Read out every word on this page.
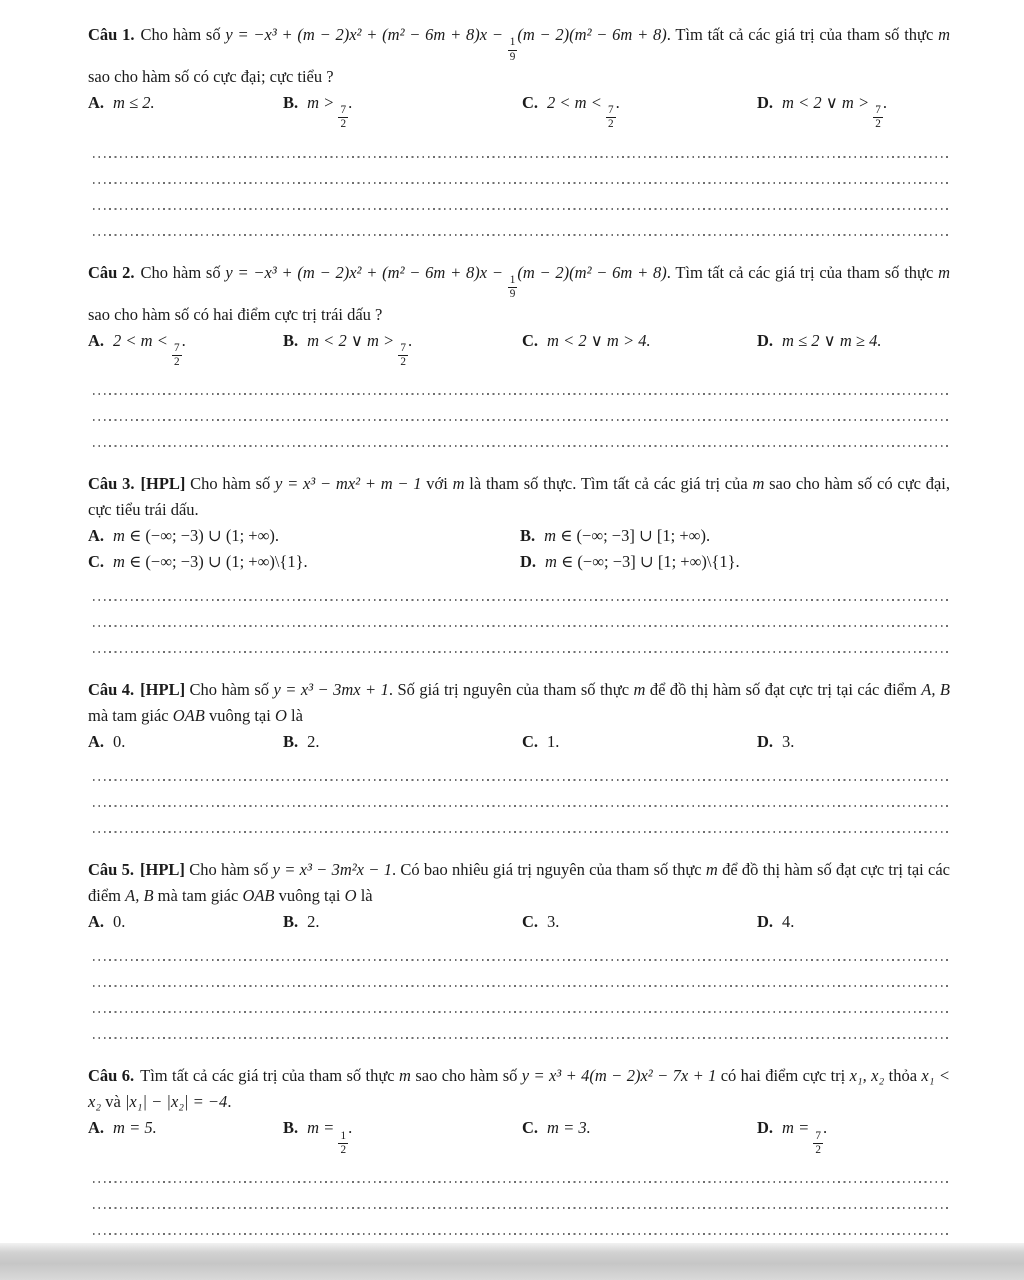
Câu 1. Cho hàm số y = −x³ + (m − 2)x² + (m² − 6m + 8)x −
$\frac{1}{9}$
(m − 2)(m² − 6m + 8). Tìm tất cả các giá trị của tham số thực m sao cho hàm số có cực đại; cực tiểu ?

A. m ≤ 2.	B. m >
$\frac{7}{2}$
.	C. 2 < m <
$\frac{7}{2}$
.	D. m < 2 ∨ m >
$\frac{7}{2}$
.

Câu 2. Cho hàm số y = −x³ + (m − 2)x² + (m² − 6m + 8)x −
$\frac{1}{9}$
(m − 2)(m² − 6m + 8). Tìm tất cả các giá trị của tham số thực m sao cho hàm số có hai điểm cực trị trái dấu ?

A. 2 < m <
$\frac{7}{2}$
.	B. m < 2 ∨ m >
$\frac{7}{2}$
.	C. m < 2 ∨ m > 4.	D. m ≤ 2 ∨ m ≥ 4.

Câu 3. [HPL] Cho hàm số y = x³ − mx² + m − 1 với m là tham số thực. Tìm tất cả các giá trị của m sao cho hàm số có cực đại, cực tiểu trái dấu.

A. m ∈ (−∞; −3) ∪ (1; +∞).	B. m ∈ (−∞; −3] ∪ [1; +∞).
C. m ∈ (−∞; −3) ∪ (1; +∞)\{1}.	D. m ∈ (−∞; −3] ∪ [1; +∞)\{1}.

Câu 4. [HPL] Cho hàm số y = x³ − 3mx + 1. Số giá trị nguyên của tham số thực m để đồ thị hàm số đạt cực trị tại các điểm A, B mà tam giác OAB vuông tại O là

A. 0.	B. 2.	C. 1.	D. 3.

Câu 5. [HPL] Cho hàm số y = x³ − 3m²x − 1. Có bao nhiêu giá trị nguyên của tham số thực m để đồ thị hàm số đạt cực trị tại các điểm A, B mà tam giác OAB vuông tại O là

A. 0.	B. 2.	C. 3.	D. 4.

Câu 6. Tìm tất cả các giá trị của tham số thực m sao cho hàm số y = x³ + 4(m − 2)x² − 7x + 1 có hai điểm cực trị x₁, x₂ thỏa x₁ < x₂ và |x₁| − |x₂| = −4.

A. m = 5.	B. m =
$\frac{1}{2}$
.	C. m = 3.	D. m =
$\frac{7}{2}$
.
